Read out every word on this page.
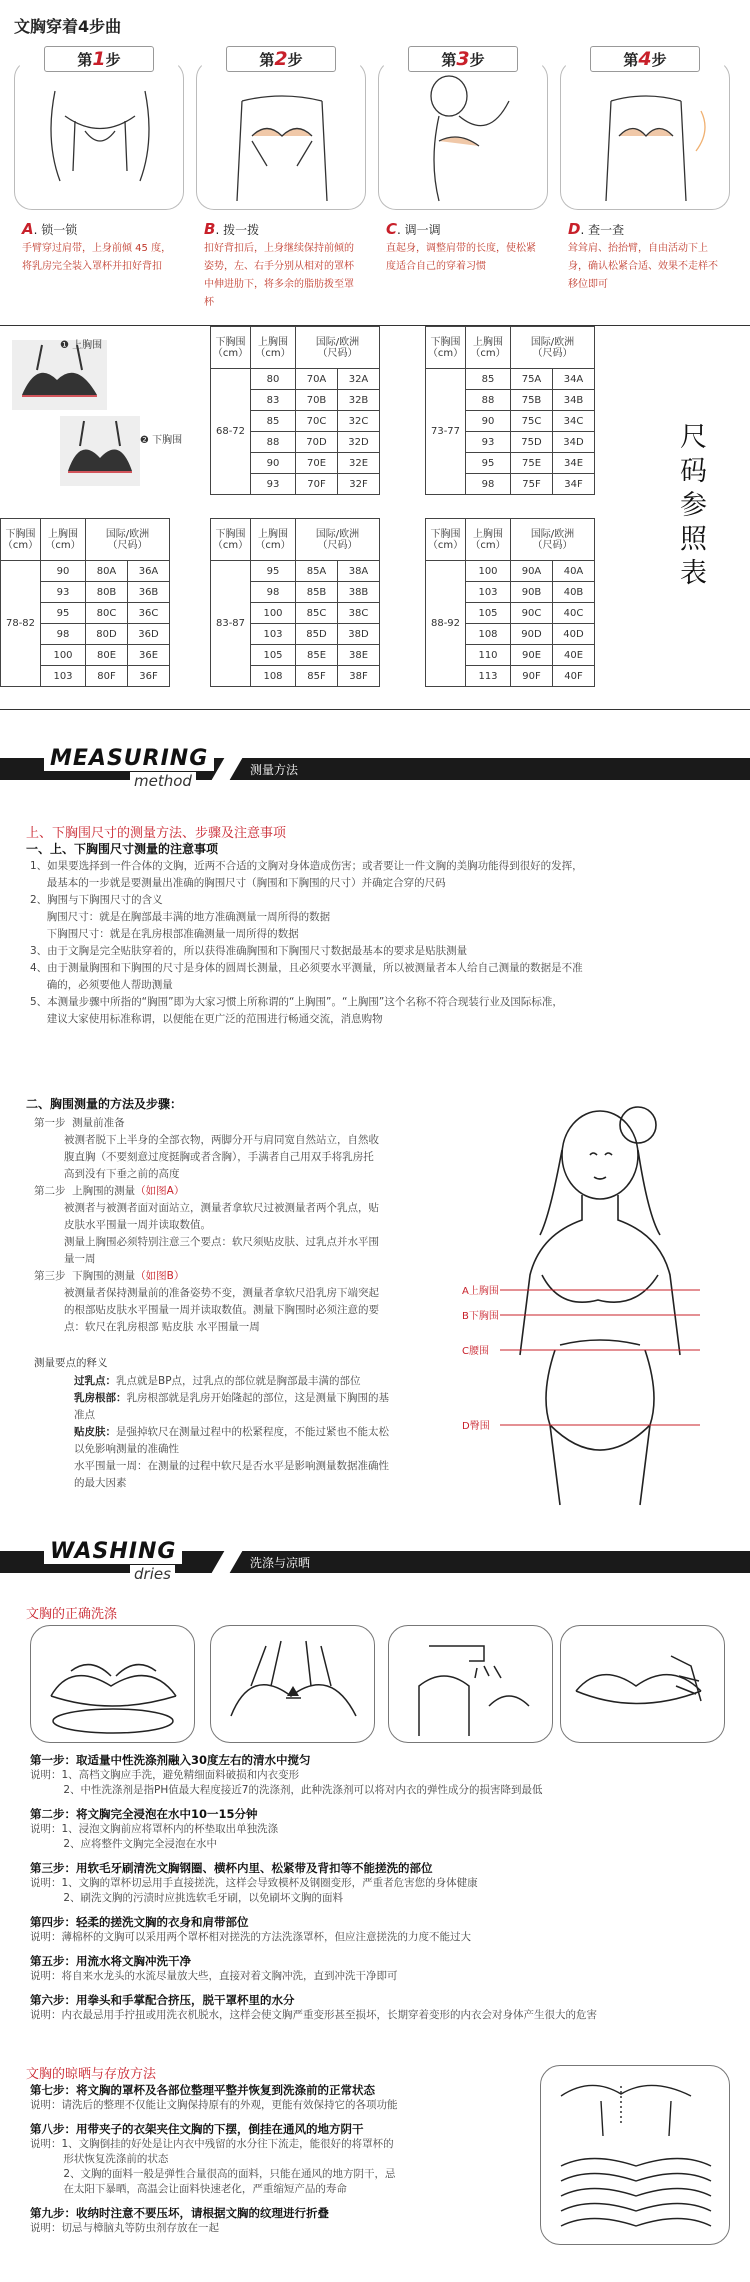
文胸穿着4步曲
第1步
A. 锁一锁
手臂穿过肩带，上身前倾 45 度，将乳房完全装入罩杯并扣好背扣
第2步
B. 拨一拨
扣好背扣后，上身继续保持前倾的姿势，左、右手分别从相对的罩杯中伸进肋下，将多余的脂肪拨至罩杯
第3步
C. 调一调
直起身，调整肩带的长度，使松紧度适合自己的穿着习惯
第4步
D. 查一查
耸耸肩、抬抬臂，自由活动下上身，确认松紧合适、效果不走样不移位即可
❶ 上胸围
❷ 下胸围
下胸围
（cm）	上胸围
（cm）	国际/欧洲
（尺码）	
68-72	80	70A	32A
	83	70B	32B
	85	70C	32C
	88	70D	32D
	90	70E	32E
	93	70F	32F
下胸围
（cm）	上胸围
（cm）	国际/欧洲
（尺码）	
73-77	85	75A	34A
	88	75B	34B
	90	75C	34C
	93	75D	34D
	95	75E	34E
	98	75F	34F
下胸围
（cm）	上胸围
（cm）	国际/欧洲
（尺码）	
78-82	90	80A	36A
	93	80B	36B
	95	80C	36C
	98	80D	36D
	100	80E	36E
	103	80F	36F
下胸围
（cm）	上胸围
（cm）	国际/欧洲
（尺码）	
83-87	95	85A	38A
	98	85B	38B
	100	85C	38C
	103	85D	38D
	105	85E	38E
	108	85F	38F
下胸围
（cm）	上胸围
（cm）	国际/欧洲
（尺码）	
88-92	100	90A	40A
	103	90B	40B
	105	90C	40C
	108	90D	40D
	110	90E	40E
	113	90F	40F
尺码参照表
MEASURING
method
测量方法
上、下胸围尺寸的测量方法、步骤及注意事项
一、上、下胸围尺寸测量的注意事项
1、如果要选择到一件合体的文胸，近两不合适的文胸对身体造成伤害；或者要让一件文胸的美胸功能得到很好的发挥，
最基本的一步就是要测量出准确的胸围尺寸（胸围和下胸围的尺寸）并确定合穿的尺码
2、胸围与下胸围尺寸的含义
胸围尺寸：就是在胸部最丰满的地方准确测量一周所得的数据
下胸围尺寸：就是在乳房根部准确测量一周所得的数据
3、由于文胸是完全贴肤穿着的，所以获得准确胸围和下胸围尺寸数据最基本的要求是贴肤测量
4、由于测量胸围和下胸围的尺寸是身体的圆周长测量，且必须要水平测量，所以被测量者本人给自己测量的数据是不准
确的，必须要他人帮助测量
5、本测量步骤中所指的“胸围”即为大家习惯上所称谓的“上胸围”。“上胸围”这个名称不符合现装行业及国际标准，
建议大家使用标准称谓，以便能在更广泛的范围进行畅通交流，消息购物
二、胸围测量的方法及步骤：
第一步  测量前准备
被测者脱下上半身的全部衣物，两脚分开与肩同宽自然站立，自然收
腹直胸（不要刻意过度挺胸或者含胸），手满者自己用双手将乳房托
高到没有下垂之前的高度
第二步  上胸围的测量（如图A）
被测者与被测者面对面站立，测量者拿软尺过被测量者两个乳点，贴
皮肤水平围量一周并读取数值。
测量上胸围必须特别注意三个要点：软尺须贴皮肤、过乳点并水平围
量一周
第三步  下胸围的测量（如图B）
被测量者保持测量前的准备姿势不变，测量者拿软尺沿乳房下端突起
的根部贴皮肤水平围量一周并读取数值。测量下胸围时必须注意的要
点：软尺在乳房根部 贴皮肤 水平围量一周
测量要点的释义
过乳点：乳点就是BP点，过乳点的部位就是胸部最丰满的部位
乳房根部：乳房根部就是乳房开始隆起的部位，这是测量下胸围的基
准点
贴皮肤：是强掉软尺在测量过程中的松紧程度，不能过紧也不能太松
以免影响测量的准确性
水平围量一周：在测量的过程中软尺是否水平是影响测量数据准确性
的最大因素
A上胸围
B下胸围
C腰围
D臀围
WASHING
dries
洗涤与凉晒
文胸的正确洗涤
第一步：取适量中性洗涤剂融入30度左右的清水中搅匀
说明：1、高档文胸应手洗，避免精细面料破损和内衣变形
2、中性洗涤剂是指PH值最大程度接近7的洗涤剂，此种洗涤剂可以将对内衣的弹性成分的损害降到最低
第二步：将文胸完全浸泡在水中10一15分钟
说明：1、浸泡文胸前应将罩杯内的杯垫取出单独洗涤
2、应将整件文胸完全浸泡在水中
第三步：用软毛牙刷清洗文胸钢圈、横杯内里、松紧带及背扣等不能搓洗的部位
说明：1、文胸的罩杯切忌用手直接搓洗，这样会导致模杯及钢圈变形，严重者危害您的身体健康
2、刷洗文胸的污渍时应挑选软毛牙刷，以免刷坏文胸的面料
第四步：轻柔的搓洗文胸的衣身和肩带部位
说明：薄棉杯的文胸可以采用两个罩杯相对搓洗的方法洗涤罩杯，但应注意搓洗的力度不能过大
第五步：用流水将文胸冲洗干净
说明：将自来水龙头的水流尽量放大些，直接对着文胸冲洗，直到冲洗干净即可
第六步：用拳头和手掌配合挤压，脱干罩杯里的水分
说明：内衣最忌用手拧扭或用洗衣机脱水，这样会使文胸严重变形甚至损坏，长期穿着变形的内衣会对身体产生很大的危害
文胸的晾晒与存放方法
第七步：将文胸的罩杯及各部位整理平整并恢复到洗涤前的正常状态
说明：请洗后的整理不仅能让文胸保持原有的外观，更能有效保持它的各项功能
第八步：用带夹子的衣架夹住文胸的下摆，倒挂在通风的地方阴干
说明：1、文胸倒挂的好处是让内衣中残留的水分往下流走，能很好的将罩杯的
形状恢复洗涤前的状态
2、文胸的面料一般是弹性合量很高的面料，只能在通风的地方阴干，忌
在太阳下暴晒，高温会让面料快速老化，严重缩短产品的寿命
第九步：收纳时注意不要压坏，请根据文胸的纹理进行折叠
说明：切忌与樟脑丸等防虫剂存放在一起
